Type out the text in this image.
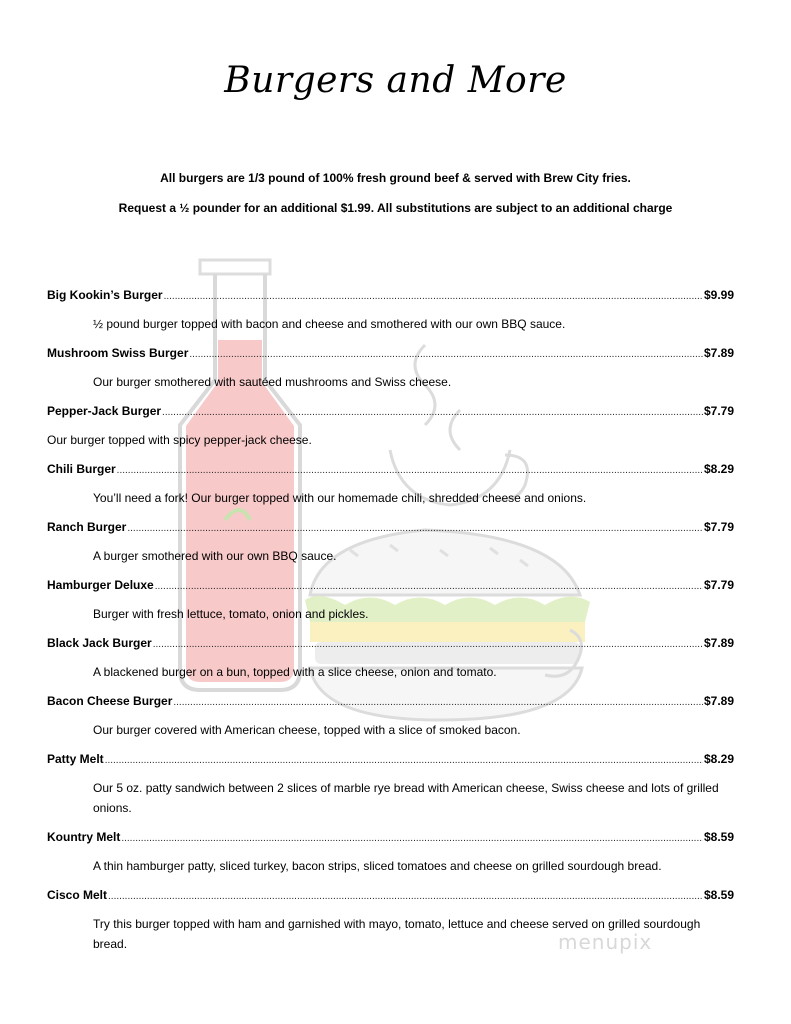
Burgers and More
All burgers are 1/3 pound of 100% fresh ground beef & served with Brew City fries.
Request a ½ pounder for an additional $1.99. All substitutions are subject to an additional charge
Big Kookin’s Burger .....	$9.99
½ pound burger topped with bacon and cheese and smothered with our own BBQ sauce.
Mushroom Swiss Burger .....	$7.89
Our burger smothered with sautéed mushrooms and Swiss cheese.
Pepper-Jack Burger .....	$7.79
Our burger topped with spicy pepper-jack cheese.
Chili Burger .....	$8.29
You’ll need a fork! Our burger topped with our homemade chili, shredded cheese and onions.
Ranch Burger .....	$7.79
A burger smothered with our own BBQ sauce.
Hamburger Deluxe .....	$7.79
Burger with fresh lettuce, tomato, onion and pickles.
Black Jack Burger .....	$7.89
A blackened burger on a bun, topped with a slice cheese, onion and tomato.
Bacon Cheese Burger .....	$7.89
Our burger covered with American cheese, topped with a slice of smoked bacon.
Patty Melt .....	$8.29
Our 5 oz. patty sandwich between 2 slices of marble rye bread with American cheese, Swiss cheese and lots of grilled onions.
Kountry Melt .....	$8.59
A thin hamburger patty, sliced turkey, bacon strips, sliced tomatoes and cheese on grilled sourdough bread.
Cisco Melt .....	$8.59
Try this burger topped with ham and garnished with mayo, tomato, lettuce and cheese served on grilled sourdough bread.	menupix
